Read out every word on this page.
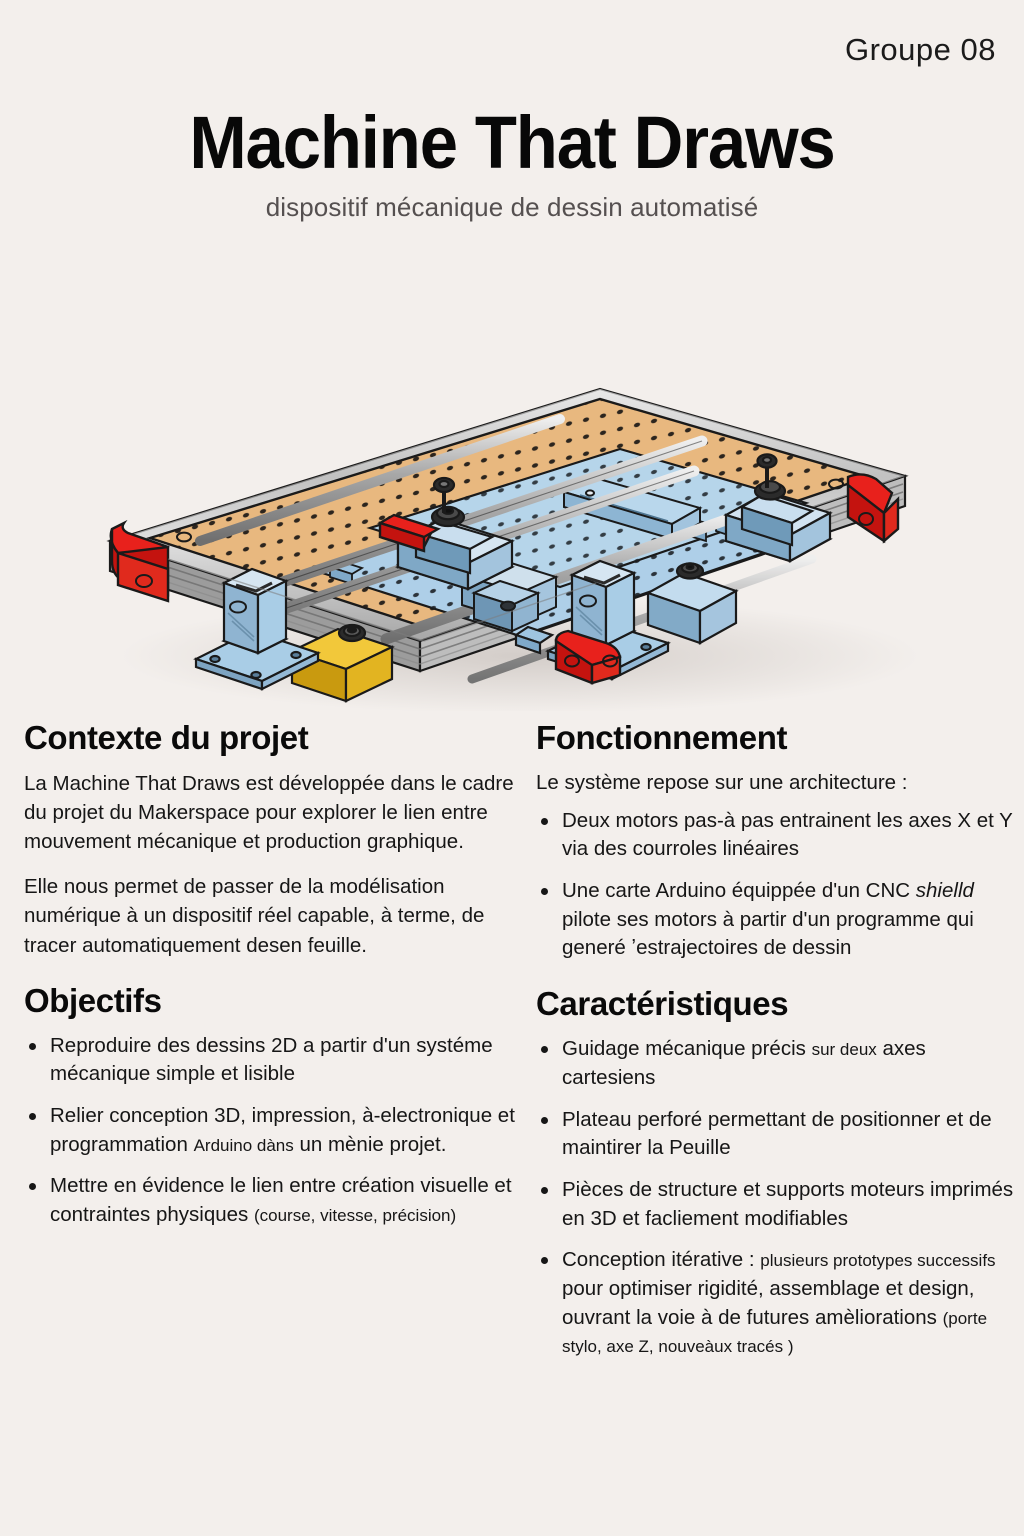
Groupe 08
Machine That Draws
dispositif mécanique de dessin automatisé
Contexte du projet

La Machine That Draws est développée dans le cadre du projet du Makerspace pour explorer le lien entre mouvement mécanique et production graphique.

Elle nous permet de passer de la modélisation numérique à un dispositif réel capable, à terme, de tracer automatiquement desen feuille.

Objectifs
Reproduire des dessins 2D a partir d'un systéme mécanique simple et lisible
Relier conception 3D, impression, à-electronique et programmation Arduino dàns un mènie projet.
Mettre en évidence le lien entre création visuelle et contraintes physiques (course, vitesse, précision)
Fonctionnement

Le système repose sur une architecture :

Deux motors pas-à pas entrainent les axes X et Y via des courroles linéaires
Une carte Arduino équippée d'un CNC shielld pilote ses motors à partir d'un programme qui generé ʼestrajectoires de dessin
Caractéristiques
Guidage mécanique précis sur deux axes cartesiens
Plateau perforé permettant de positionner et de maintirer la Peuille
Pièces de structure et supports moteurs imprimés en 3D et facliement modifiables
Conception itérative : plusieurs prototypes successifs pour optimiser rigidité, assemblage et design, ouvrant la voie à de futures amèliorations (porte stylo, axe Z, nouveàux tracés )
